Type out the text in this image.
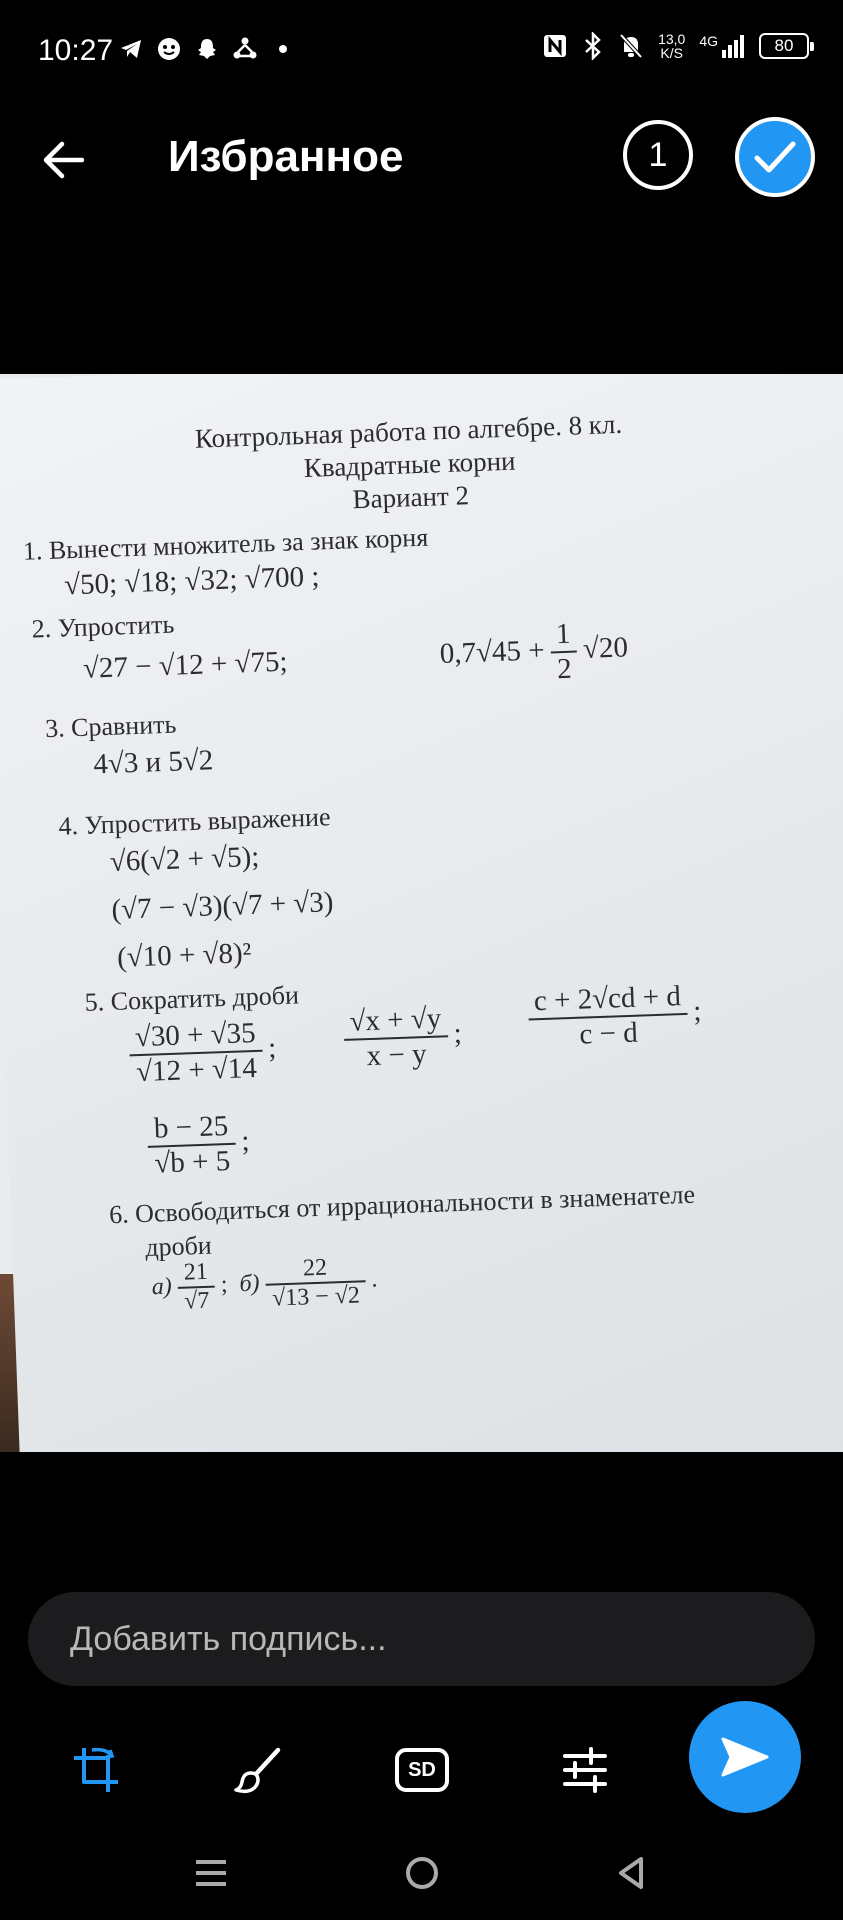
10:27	13,0
K/S
4G	80
Избранное	1
Контрольная работа по алгебре. 8 кл.
Квадратные корни
Вариант 2
1. Вынести множитель за знак корня
√50; √18; √32; √700 ;
2. Упростить
√27 − √12 + √75;	$0,7√45 + \frac{1}{2} √20$
3. Сравнить
4√3 и 5√2
4. Упростить выражение
√6(√2 + √5);
(√7 − √3)(√7 + √3)
(√10 + √8)²
5. Сократить дроби
$\frac{√30 + √35}{√12 + √14}$ ; $\frac{√x + √y}{x - y}$ ; $\frac{c + 2√cd + d}{c - d}$ ;
$\frac{b - 25}{√b + 5}$ ;
6. Освободиться от иррациональности в знаменателе
дроби
$а) \frac{21}{√7}$ ; $б) \frac{22}{√13 - √2}$ .
Добавить подпись...
SD
